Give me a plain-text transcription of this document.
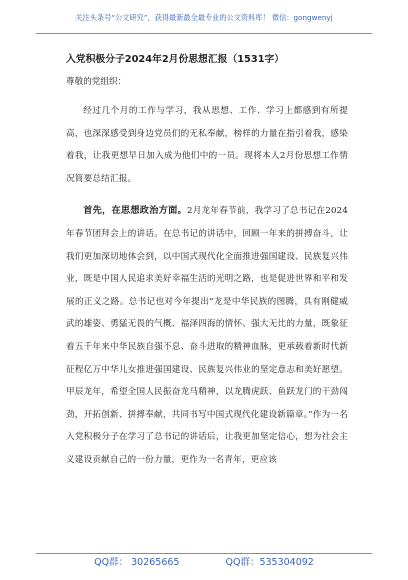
关注头条号“公文研究”，获得最新最全最专业的公文资料库！ 微信：gongwenyj
入党积极分子2024年2月份思想汇报（1531字）

尊敬的党组织：

经过几个月的工作与学习，我从思想、工作、学习上都感到有所提高，也深深感受到身边党员们的无私奉献，榜样的力量在指引着我，感染着我，让我更想早日加入成为他们中的一员。现将本人2月份思想工作情况简要总结汇报。

首先，在思想政治方面。2月龙年春节前，我学习了总书记在2024年春节团拜会上的讲话。在总书记的讲话中，回顾一年来的拼搏奋斗，让我们更加深切地体会到，以中国式现代化全面推进强国建设、民族复兴伟业，既是中国人民追求美好幸福生活的光明之路，也是促进世界和平和发展的正义之路。总书记也对今年提出“龙是中华民族的图腾，具有刚健威武的雄姿、勇猛无畏的气概、福泽四海的情怀、强大无比的力量，既象征着五千年来中华民族自强不息、奋斗进取的精神血脉，更承载着新时代新征程亿万中华儿女推进强国建设、民族复兴伟业的坚定意志和美好愿望。甲辰龙年，希望全国人民振奋龙马精神，以龙腾虎跃、鱼跃龙门的干劲闯劲，开拓创新、拼搏奉献，共同书写中国式现代化建设新篇章。”作为一名入党积极分子在学习了总书记的讲话后，让我更加坚定信心，想为社会主义建设贡献自己的一份力量，更作为一名青年，更应该

QQ群： 30265665	QQ群：535304092
